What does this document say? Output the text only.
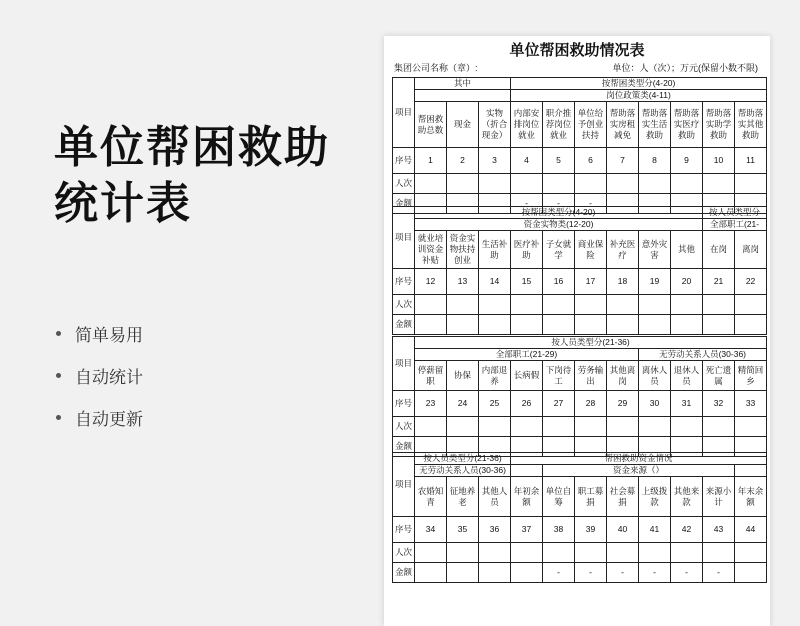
单位帮困救助统计表
简单易用
自动统计
自动更新
单位帮困救助情况表
集团公司名称（章）:	单位：人（次）；万元(保留小数不限)
项目	其中			按帮困类型分(4-20)							
				岗位政策类(4-11)							
	帮困救助总数	现金	实物（折合现金）	内部安排岗位就业	职介推荐岗位就业	单位给予创业扶持	帮助落实房租减免	帮助落实生活救助	帮助落实医疗救助	帮助落实助学救助	帮助落实其他救助
序号	1	2	3	4	5	6	7	8	9	10	11
人次											
金额				-	-	-					
项目	按帮困类型分(4-20)									按人员类型分	
	资金实物类(12-20)									全部职工(21-	
	就业培训资金补贴	资金实物扶持创业	生活补助	医疗补助	子女就学	商业保险	补充医疗	意外灾害	其他	在岗	离岗
序号	12	13	14	15	16	17	18	19	20	21	22
人次											
金额											
项目	按人员类型分(21-36)										
	全部职工(21-29)							无劳动关系人员(30-36)			
	停薪留职	协保	内部退养	长病假	下岗待工	劳务输出	其他离岗	离休人员	退休人员	死亡遗属	精简回乡
序号	23	24	25	26	27	28	29	30	31	32	33
人次											
金额											
项目	按人员类型分(21-36)			帮困救助资金情况							
	无劳动关系人员(30-36)				资金来源（）						
	农婚知青	征地养老	其他人员	年初余额	单位自筹	职工募捐	社会募捐	上级拨款	其他来款	来源小计	年末余额
序号	34	35	36	37	38	39	40	41	42	43	44
人次											
金额					-	-	-	-	-	-	
